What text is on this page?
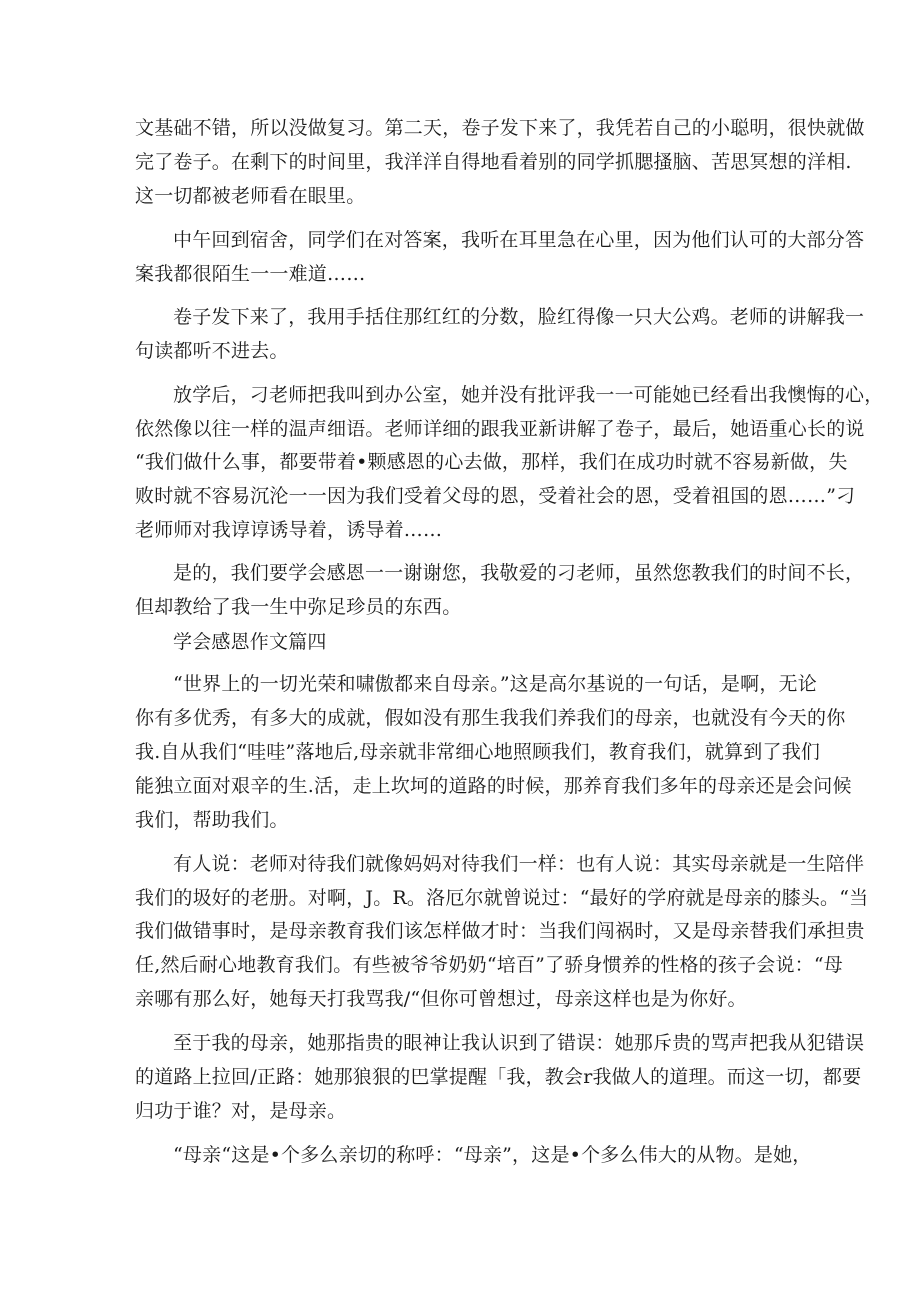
文基础不错，所以没做复习。第二天，卷子发下来了，我凭若自己的小聪明，很快就做
完了卷子。在剩下的时间里，我洋洋自得地看着别的同学抓腮搔脑、苦思冥想的洋相.
这一切都被老师看在眼里。
中午回到宿舍，同学们在对答案，我听在耳里急在心里，因为他们认可的大部分答
案我都很陌生一一难道……
卷子发下来了，我用手括住那红红的分数，脸红得像一只大公鸡。老师的讲解我一
句读都听不进去。
放学后，刁老师把我叫到办公室，她并没有批评我一一可能她已经看出我懊悔的心，
依然像以往一样的温声细语。老师详细的跟我亚新讲解了卷子，最后，她语重心长的说
“我们做什么事，都要带着•颗感恩的心去做，那样，我们在成功时就不容易新做，失
败时就不容易沉沦一一因为我们受着父母的恩，受着社会的恩，受着祖国的恩……”刁
老师师对我谆谆诱导着，诱导着……
是的，我们要学会感恩一一谢谢您，我敬爱的刁老师，虽然您教我们的时间不长，
但却教给了我一生中弥足珍员的东西。
学会感恩作文篇四
“世界上的一切光荣和啸傲都来自母亲。”这是高尔基说的一句话，是啊，无论
你有多优秀，有多大的成就，假如没有那生我我们养我们的母亲，也就没有今天的你
我.自从我们“哇哇”落地后,母亲就非常细心地照顾我们，教育我们，就算到了我们
能独立面对艰辛的生.活，走上坎坷的道路的时候，那养育我们多年的母亲还是会问候
我们，帮助我们。
有人说：老师对待我们就像妈妈对待我们一样：也有人说：其实母亲就是一生陪伴
我们的圾好的老册。对啊，J。R。洛厄尔就曾说过：“最好的学府就是母亲的膝头。“当
我们做错事时，是母亲教育我们该怎样做才时：当我们闯祸时，又是母亲替我们承担贵
任,然后耐心地教育我们。有些被爷爷奶奶“培百”了骄身惯养的性格的孩子会说：“母
亲哪有那么好，她每天打我骂我/“但你可曾想过，母亲这样也是为你好。
至于我的母亲，她那指贵的眼神让我认识到了错误：她那斥贵的骂声把我从犯错误
的道路上拉回/正路：她那狼狠的巴掌提醒「我，教会r我做人的道理。而这一切，都要
归功于谁？对，是母亲。
“母亲“这是•个多么亲切的称呼：“母亲”，这是•个多么伟大的从物。是她，
